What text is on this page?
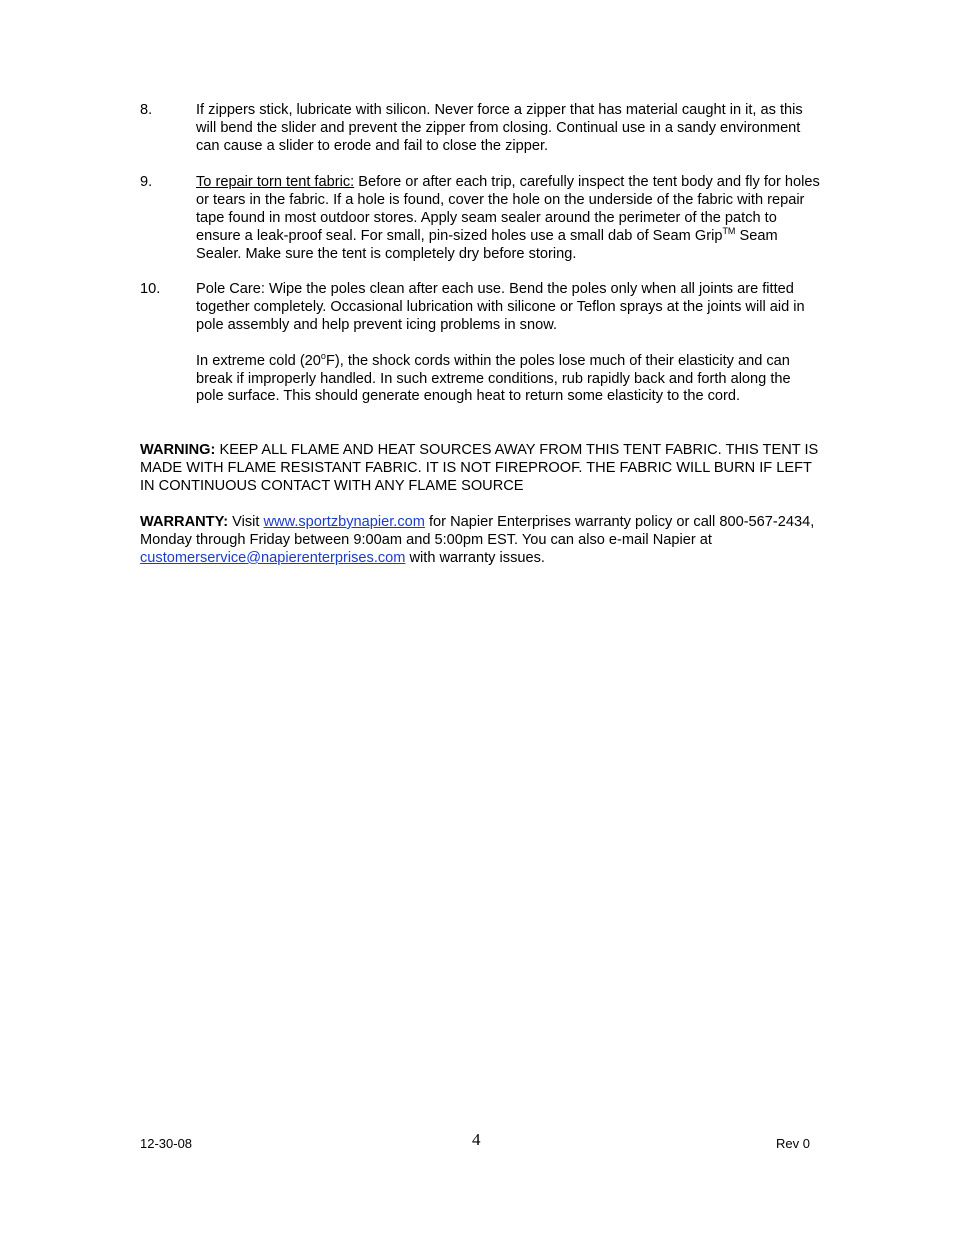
8.	If zippers stick, lubricate with silicon. Never force a zipper that has material caught in it, as this will bend the slider and prevent the zipper from closing. Continual use in a sandy environment can cause a slider to erode and fail to close the zipper.

9.	To repair torn tent fabric: Before or after each trip, carefully inspect the tent body and fly for holes or tears in the fabric. If a hole is found, cover the hole on the underside of the fabric with repair tape found in most outdoor stores. Apply seam sealer around the perimeter of the patch to ensure a leak-proof seal. For small, pin-sized holes use a small dab of Seam Grip™ Seam Sealer. Make sure the tent is completely dry before storing.

10. Pole Care: Wipe the poles clean after each use. Bend the poles only when all joints are fitted together completely. Occasional lubrication with silicone or Teflon sprays at the joints will aid in pole assembly and help prevent icing problems in snow.

In extreme cold (20$^o$F), the shock cords within the poles lose much of their elasticity and can break if improperly handled. In such extreme conditions, rub rapidly back and forth along the pole surface. This should generate enough heat to return some elasticity to the cord.

WARNING: KEEP ALL FLAME AND HEAT SOURCES AWAY FROM THIS TENT FABRIC. THIS TENT IS MADE WITH FLAME RESISTANT FABRIC. IT IS NOT FIREPROOF. THE FABRIC WILL BURN IF LEFT IN CONTINUOUS CONTACT WITH ANY FLAME SOURCE

WARRANTY: Visit www.sportzbynapier.com for Napier Enterprises warranty policy or call 800-567-2434, Monday through Friday between 9:00am and 5:00pm EST. You can also e-mail Napier at customerservice@napierenterprises.com with warranty issues.

12-30-08	4	Rev 0
